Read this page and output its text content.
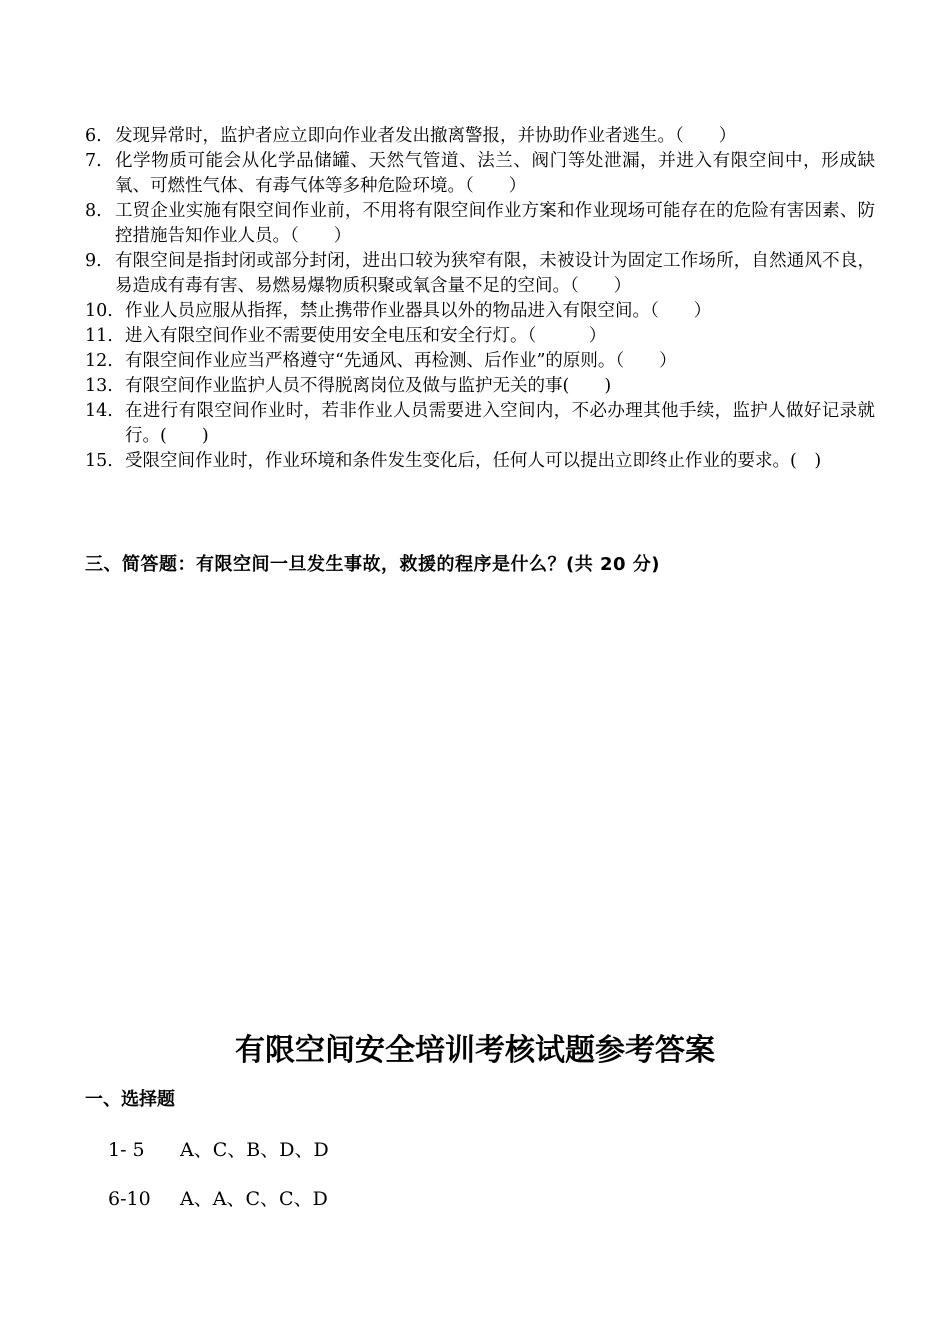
6. 发现异常时，监护者应立即向作业者发出撤离警报，并协助作业者逃生。（　　）
7. 化学物质可能会从化学品储罐、天然气管道、法兰、阀门等处泄漏，并进入有限空间中，形成缺氧、可燃性气体、有毒气体等多种危险环境。（　　）
8. 工贸企业实施有限空间作业前，不用将有限空间作业方案和作业现场可能存在的危险有害因素、防控措施告知作业人员。（　　）
9. 有限空间是指封闭或部分封闭，进出口较为狭窄有限，未被设计为固定工作场所，自然通风不良，易造成有毒有害、易燃易爆物质积聚或氧含量不足的空间。（　　）
10. 作业人员应服从指挥，禁止携带作业器具以外的物品进入有限空间。（　　）
11. 进入有限空间作业不需要使用安全电压和安全行灯。（　　　）
12. 有限空间作业应当严格遵守“先通风、再检测、后作业”的原则。（　　）
13. 有限空间作业监护人员不得脱离岗位及做与监护无关的事(　　)
14. 在进行有限空间作业时，若非作业人员需要进入空间内，不必办理其他手续，监护人做好记录就行。(　　)
15. 受限空间作业时，作业环境和条件发生变化后，任何人可以提出立即终止作业的要求。(　)
三、简答题：有限空间一旦发生事故，救援的程序是什么？(共 20 分)
有限空间安全培训考核试题参考答案
一、选择题
1- 5 A、C、B、D、D
6-10 A、A、C、C、D
